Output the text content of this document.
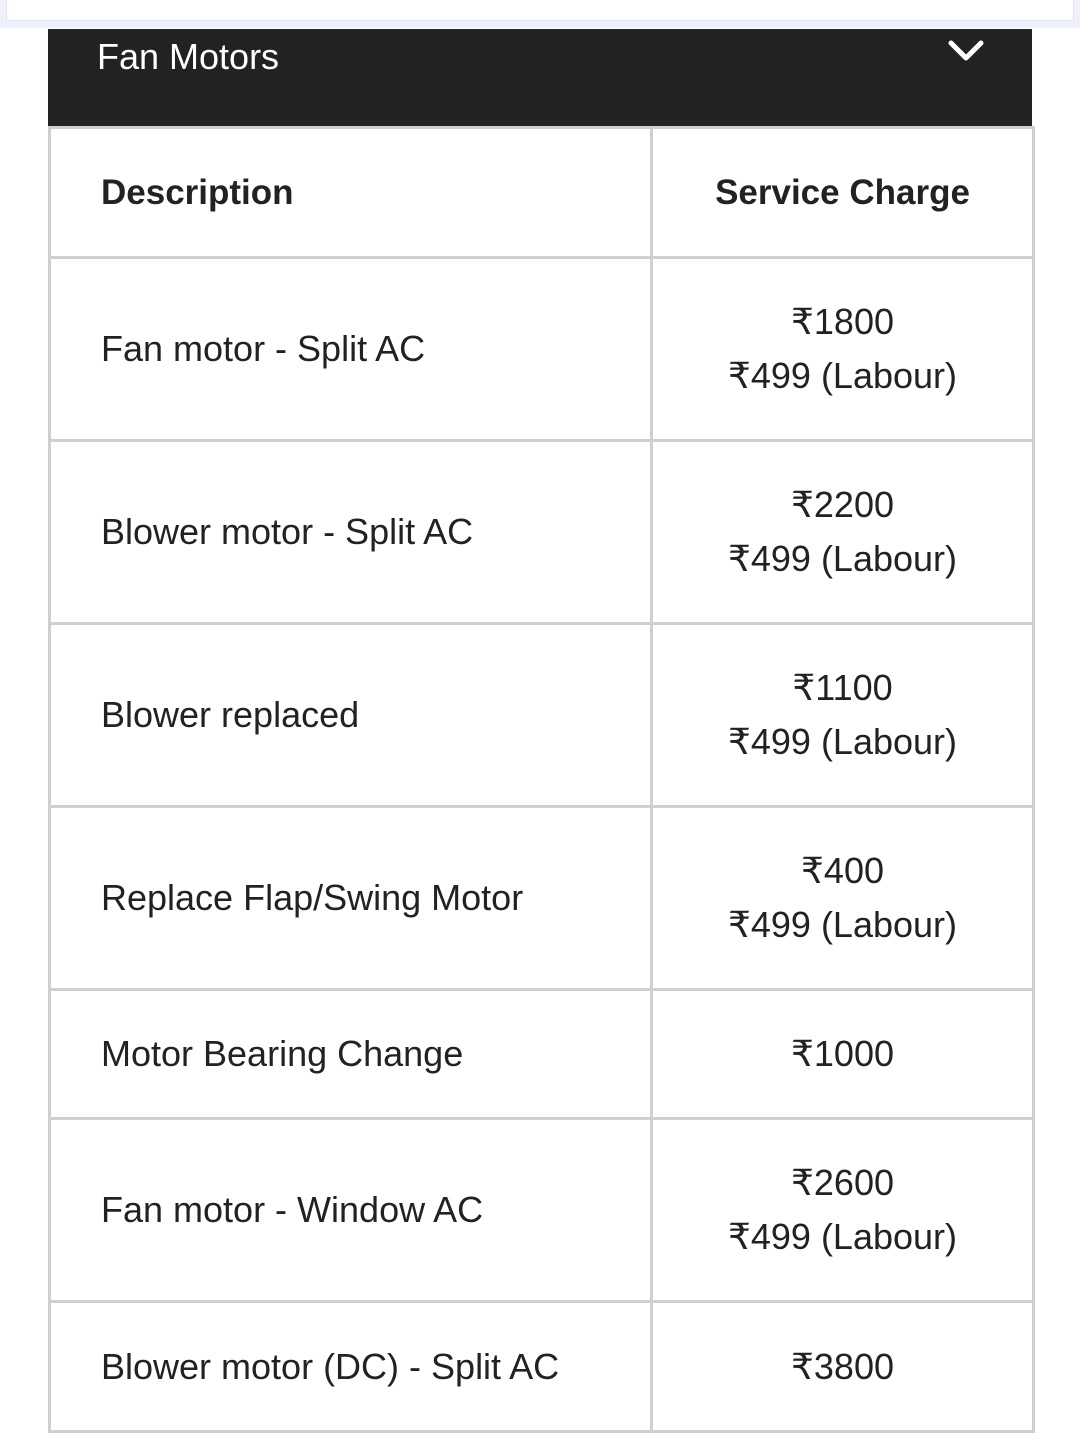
Fan Motors
Description	Service Charge
Fan motor - Split AC	₹1800
₹499 (Labour)

Blower motor - Split AC	₹2200
₹499 (Labour)

Blower replaced	₹1100
₹499 (Labour)

Replace Flap/Swing Motor	₹400
₹499 (Labour)

Motor Bearing Change	₹1000

Fan motor - Window AC	₹2600
₹499 (Labour)

Blower motor (DC) - Split AC	₹3800
